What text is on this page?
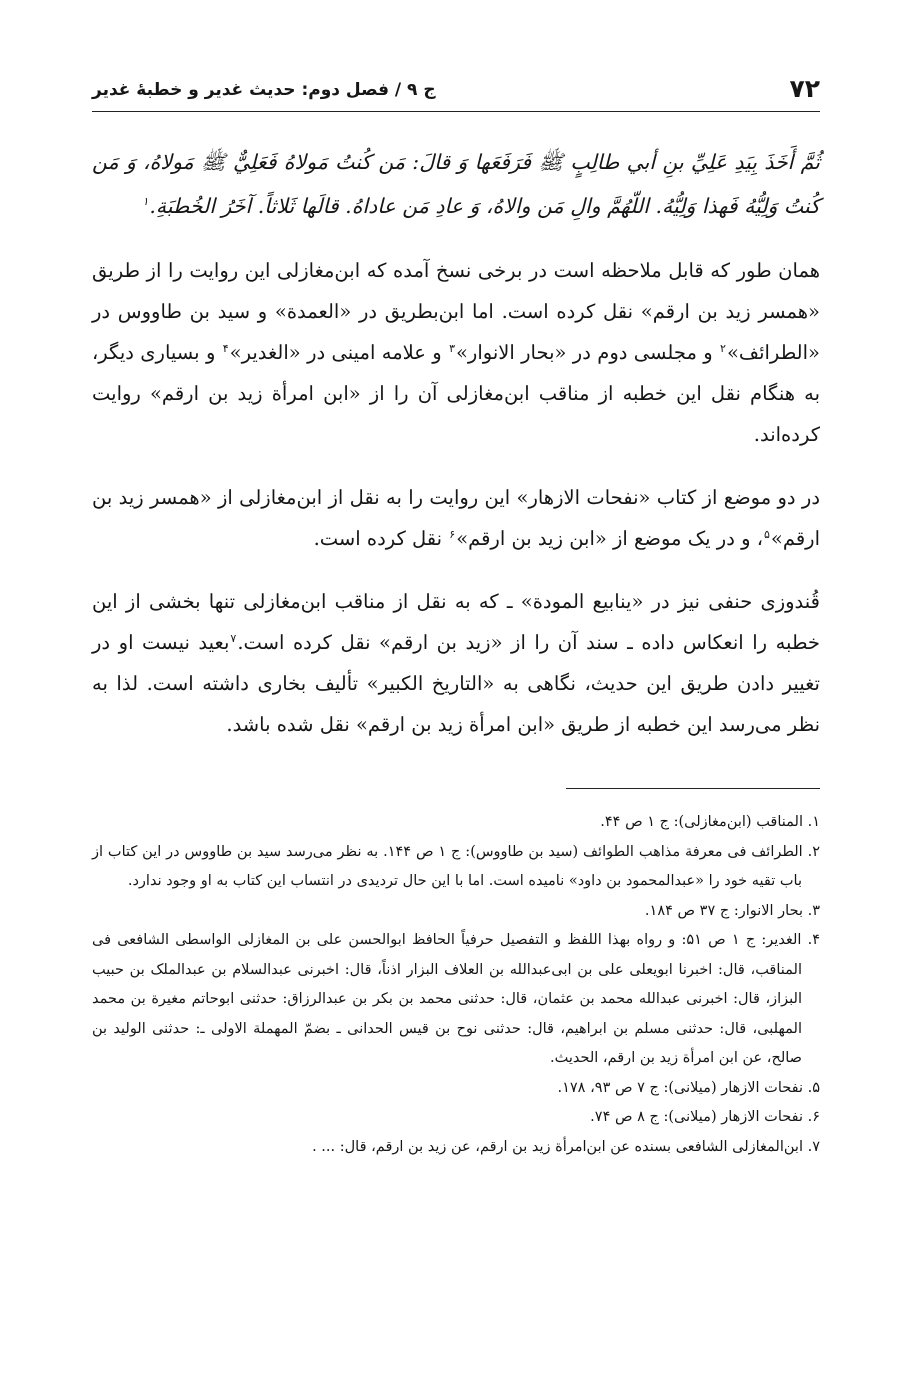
۷۲
ج ۹ / فصل دوم: حدیث غدیر و خطبهٔ غدیر

ثُمَّ أَخَذَ بِيَدِ عَلِيِّ بنِ أبي طالِبٍ ﷺ فَرَفَعَها وَ قالَ: مَن كُنتُ مَولاهُ فَعَلِيٌّ ﷺ مَولاهُ، وَ مَن كُنتُ وَلِيُّهُ فَهذا وَلِيُّهُ. اللّهُمَّ والِ مَن والاهُ، وَ عادِ مَن عاداهُ. قالَها ثَلاثاً. آخَرُ الخُطبَةِ.$^۱$

همان طور که قابل ملاحظه است در برخی نسخ آمده که ابن‌مغازلی این روایت را از طریق «همسر زید بن ارقم» نقل کرده است. اما ابن‌بطریق در «العمدة» و سید بن طاووس در «الطرائف»$^۲$ و مجلسی دوم در «بحار الانوار»$^۳$ و علامه امینی در «الغدیر»$^۴$ و بسیاری دیگر، به هنگام نقل این خطبه از مناقب ابن‌مغازلی آن را از «ابن امرأة زید بن ارقم» روایت کرده‌اند.

در دو موضع از کتاب «نفحات الازهار» این روایت را به نقل از ابن‌مغازلی از «همسر زید بن ارقم»$^۵$، و در یک موضع از «ابن زید بن ارقم»$^۶$ نقل کرده است.

قُندوزی حنفی نیز در «ینابیع المودة» ـ که به نقل از مناقب ابن‌مغازلی تنها بخشی از این خطبه را انعکاس داده ـ سند آن را از «زید بن ارقم» نقل کرده است.$^۷$بعید نیست او در تغییر دادن طریق این حدیث، نگاهی به «التاریخ الکبیر» تألیف بخاری داشته است. لذا به نظر می‌رسد این خطبه از طریق «ابن امرأة زید بن ارقم» نقل شده باشد.

۱. المناقب (ابن‌مغازلی): ج ۱ ص ۴۴.

۲. الطرائف فی معرفة مذاهب الطوائف (سید بن طاووس): ج ۱ ص ۱۴۴. به نظر می‌رسد سید بن طاووس در این کتاب از باب تقیه خود را «عبدالمحمود بن داود» نامیده است. اما با این حال تردیدی در انتساب این کتاب به او وجود ندارد.

۳. بحار الانوار: ج ۳۷ ص ۱۸۴.

۴. الغدیر: ج ۱ ص ۵۱: و رواه بهذا اللفظ و التفصیل حرفیاً الحافظ ابوالحسن علی بن المغازلی الواسطی الشافعی فی المناقب، قال: اخبرنا ابویعلی علی بن ابی‌عبدالله بن العلاف البزار اذناً، قال: اخبرنی عبدالسلام بن عبدالملک بن حبیب البزاز، قال: اخبرنی عبدالله محمد بن عثمان، قال: حدثنی محمد بن بکر بن عبدالرزاق: حدثنی ابوحاتم مغیرة بن محمد المهلبی، قال: حدثنی مسلم بن ابراهیم، قال: حدثنی نوح بن قیس الحدانی ـ بضمّ المهملة الاولی ـ: حدثنی الولید بن صالح، عن ابن امرأة زید بن ارقم، الحدیث.

۵. نفحات الازهار (میلانی): ج ۷ ص ۹۳، ۱۷۸.

۶. نفحات الازهار (میلانی): ج ۸ ص ۷۴.

۷. ابن‌المغازلی الشافعی بسنده عن ابن‌امرأة زید بن ارقم، عن زید بن ارقم، قال: ... .
